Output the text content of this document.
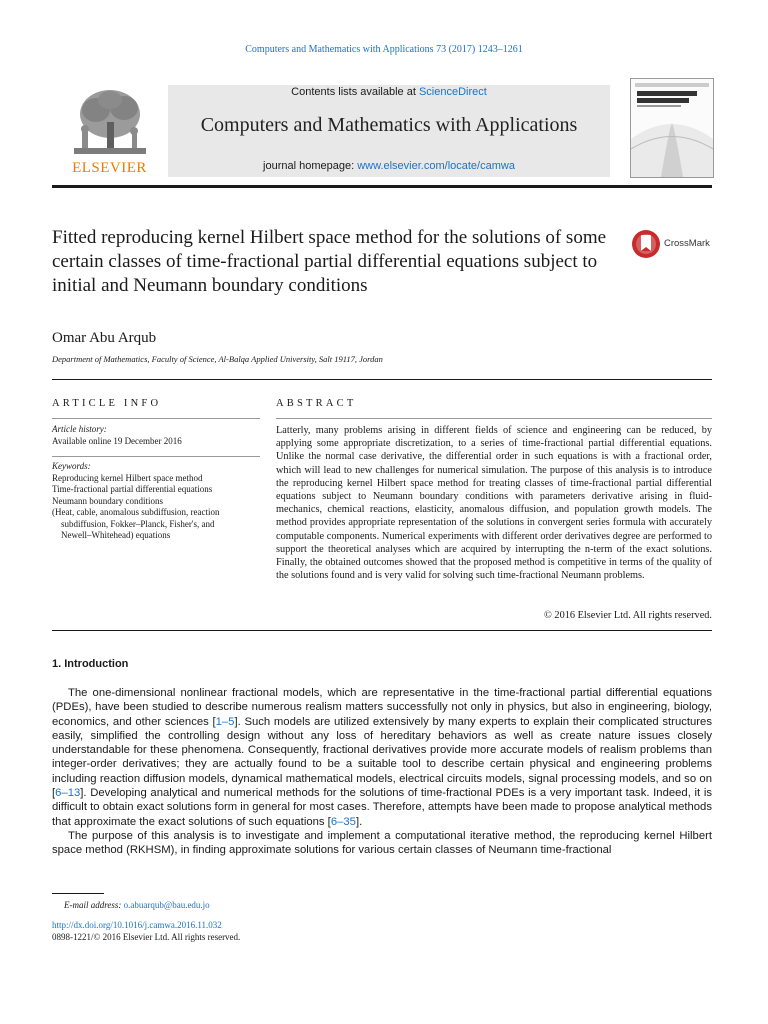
Computers and Mathematics with Applications 73 (2017) 1243–1261
Contents lists available at ScienceDirect
Computers and Mathematics with Applications
journal homepage: www.elsevier.com/locate/camwa
ELSEVIER
Fitted reproducing kernel Hilbert space method for the solutions of some certain classes of time-fractional partial differential equations subject to initial and Neumann boundary conditions
CrossMark
Omar Abu Arqub
Department of Mathematics, Faculty of Science, Al-Balqa Applied University, Salt 19117, Jordan
ARTICLE INFO
Article history:
Available online 19 December 2016
Keywords:
Reproducing kernel Hilbert space method
Time-fractional partial differential equations
Neumann boundary conditions
(Heat, cable, anomalous subdiffusion, reaction subdiffusion, Fokker–Planck, Fisher's, and Newell–Whitehead) equations
ABSTRACT
Latterly, many problems arising in different fields of science and engineering can be reduced, by applying some appropriate discretization, to a series of time-fractional partial differential equations. Unlike the normal case derivative, the differential order in such equations is with a fractional order, which will lead to new challenges for numerical simulation. The purpose of this analysis is to introduce the reproducing kernel Hilbert space method for treating classes of time-fractional partial differential equations subject to Neumann boundary conditions with parameters derivative arising in fluid-mechanics, chemical reactions, elasticity, anomalous diffusion, and population growth models. The method provides appropriate representation of the solutions in convergent series formula with accurately computable components. Numerical experiments with different order derivatives degree are performed to support the theoretical analyses which are acquired by interrupting the n-term of the exact solutions. Finally, the obtained outcomes showed that the proposed method is competitive in terms of the quality of the solutions found and is very valid for solving such time-fractional Neumann problems.
© 2016 Elsevier Ltd. All rights reserved.
1. Introduction

The one-dimensional nonlinear fractional models, which are representative in the time-fractional partial differential equations (PDEs), have been studied to describe numerous realism matters successfully not only in physics, but also in engineering, biology, economics, and other sciences [1–5]. Such models are utilized extensively by many experts to explain their complicated structures easily, simplified the controlling design without any loss of hereditary behaviors as well as create nature issues closely understandable for these phenomena. Consequently, fractional derivatives provide more accurate models of realism problems than integer-order derivatives; they are actually found to be a suitable tool to describe certain physical and engineering problems including reaction diffusion models, dynamical mathematical models, electrical circuits models, signal processing models, and so on [6–13]. Developing analytical and numerical methods for the solutions of time-fractional PDEs is a very important task. Indeed, it is difficult to obtain exact solutions form in general for most cases. Therefore, attempts have been made to propose analytical methods that approximate the exact solutions of such equations [6–35].

The purpose of this analysis is to investigate and implement a computational iterative method, the reproducing kernel Hilbert space method (RKHSM), in finding approximate solutions for various certain classes of Neumann time-fractional

E-mail address: o.abuarqub@bau.edu.jo
http://dx.doi.org/10.1016/j.camwa.2016.11.032
0898-1221/© 2016 Elsevier Ltd. All rights reserved.
